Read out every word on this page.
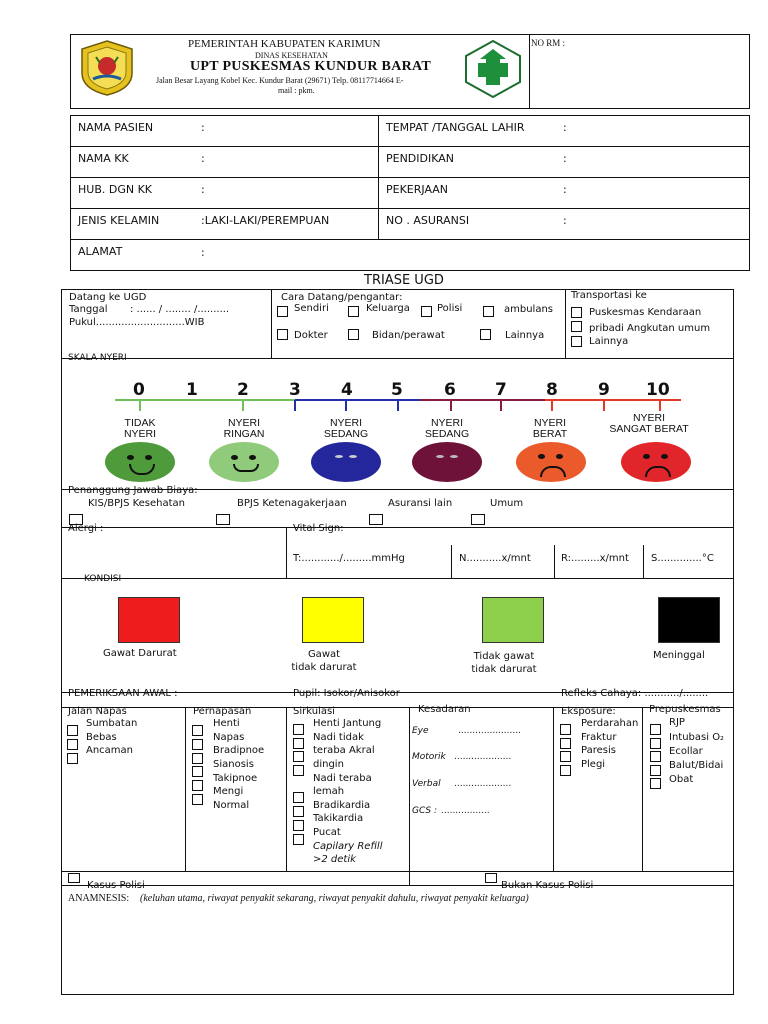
PEMERINTAH KABUPATEN KARIMUN
DINAS KESEHATAN
UPT PUSKESMAS KUNDUR BARAT
Jalan Besar Layang Kobel Kec. Kundur Barat (29671) Telp. 08117714664 E-
mail : pkm.
NO RM :
NAMA PASIEN	:
NAMA KK	:
HUB. DGN KK	:
JENIS KELAMIN	:LAKI-LAKI/PEREMPUAN
ALAMAT	:
TEMPAT /TANGGAL LAHIR	:
PENDIDIKAN	:
PEKERJAAN	:
NO . ASURANSI	:
TRIASE UGD
Datang ke UGD
Tanggal : ...... / ........ /..........
Pukul............................WIB
Cara Datang/pengantar:
Sendiri	Keluarga	Polisi	ambulans
Dokter	Bidan/perawat	Lainnya
Transportasi ke
Puskesmas Kendaraan
pribadi Angkutan umum
Lainnya
SKALA NYERI
0 1 2 3 4 5 6 7 8 9 10
TIDAK
NYERI
NYERI
RINGAN
NYERI
SEDANG
NYERI
SEDANG
NYERI
BERAT
NYERI
SANGAT BERAT
Penanggung Jawab Biaya:
KIS/BPJS Kesehatan	BPJS Ketenagakerjaan	Asuransi lain	Umum
Alergi :	Vital Sign:
T:............/.........mmHg	N...........x/mnt	R:.........x/mnt S..............°C
KONDISI
Gawat Darurat	Gawat
tidak darurat
Tidak gawat
tidak darurat
Meninggal
PEMERIKSAAN AWAL :	Pupil: Isokor/Anisokor	Refleks Cahaya: .........../........
Jalan Napas
Sumbatan
Bebas
Ancaman
Pernapasan
Henti
Napas
Bradipnoe
Sianosis
Takipnoe
Mengi
Normal
Sirkulasi
Henti Jantung
Nadi tidak
teraba Akral
dingin
Nadi teraba
lemah
Bradikardia
Takikardia
Pucat
Capilary Refill
>2 detik
Kesadaran
Eye	......................
Motorik ....................
Verbal ....................
GCS : .................
Eksposure:
Perdarahan
Fraktur
Paresis
Plegi
Prepuskesmas
RJP
Intubasi O₂
Ecollar
Balut/Bidai
Obat
Kasus Polisi	Bukan Kasus Polisi
ANAMNESIS: (keluhan utama, riwayat penyakit sekarang, riwayat penyakit dahulu, riwayat penyakit keluarga)
